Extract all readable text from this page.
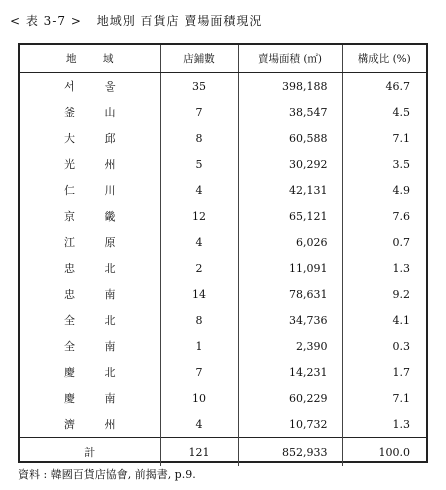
< 表 3-7 > 地域別 百貨店 賣場面積現況
地 域	店鋪數	賣場面積 (㎡)	構成比 (%)

서 울	35	398,188	46.7

釜 山	7	38,547	4.5

大 邱	8	60,588	7.1

光 州	5	30,292	3.5

仁 川	4	42,131	4.9

京 畿	12	65,121	7.6

江 原	4	6,026	0.7

忠 北	2	11,091	1.3

忠 南	14	78,631	9.2

全 北	8	34,736	4.1

全 南	1	2,390	0.3

慶 北	7	14,231	1.7

慶 南	10	60,229	7.1

濟 州	4	10,732	1.3
計	121	852,933	100.0
資料 : 韓國百貨店協會, 前揭書, p.9.
